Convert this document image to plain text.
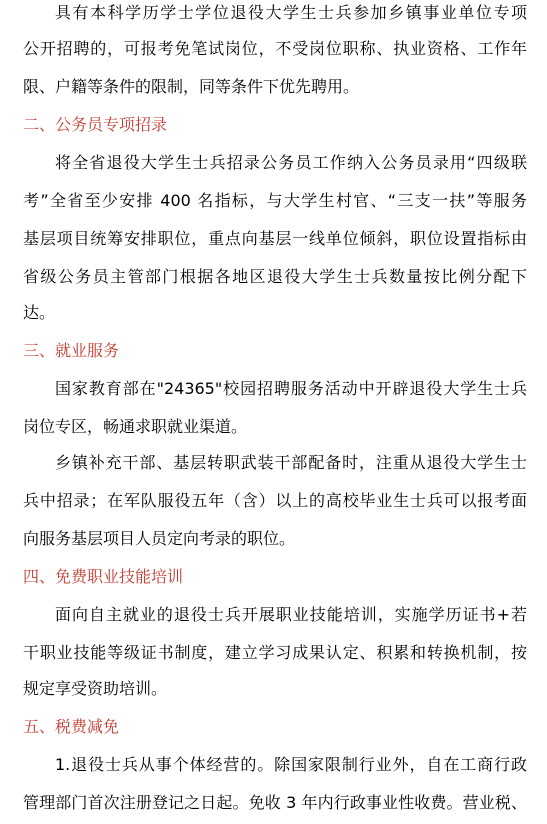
具有本科学历学士学位退役大学生士兵参加乡镇事业单位专项
公开招聘的，可报考免笔试岗位，不受岗位职称、执业资格、工作年
限、户籍等条件的限制，同等条件下优先聘用。
二、公务员专项招录
将全省退役大学生士兵招录公务员工作纳入公务员录用“四级联
考”全省至少安排 400 名指标，与大学生村官、“三支一扶”等服务
基层项目统筹安排职位，重点向基层一线单位倾斜，职位设置指标由
省级公务员主管部门根据各地区退役大学生士兵数量按比例分配下
达。
三、就业服务
国家教育部在"24365"校园招聘服务活动中开辟退役大学生士兵
岗位专区，畅通求职就业渠道。
乡镇补充干部、基层转职武装干部配备时，注重从退役大学生士
兵中招录；在军队服役五年（含）以上的高校毕业生士兵可以报考面
向服务基层项目人员定向考录的职位。
四、免费职业技能培训
面向自主就业的退役士兵开展职业技能培训，实施学历证书+若
干职业技能等级证书制度，建立学习成果认定、积累和转换机制，按
规定享受资助培训。
五、税费减免
1.退役士兵从事个体经营的。除国家限制行业外，自在工商行政
管理部门首次注册登记之日起。免收 3 年内行政事业性收费。营业税、
